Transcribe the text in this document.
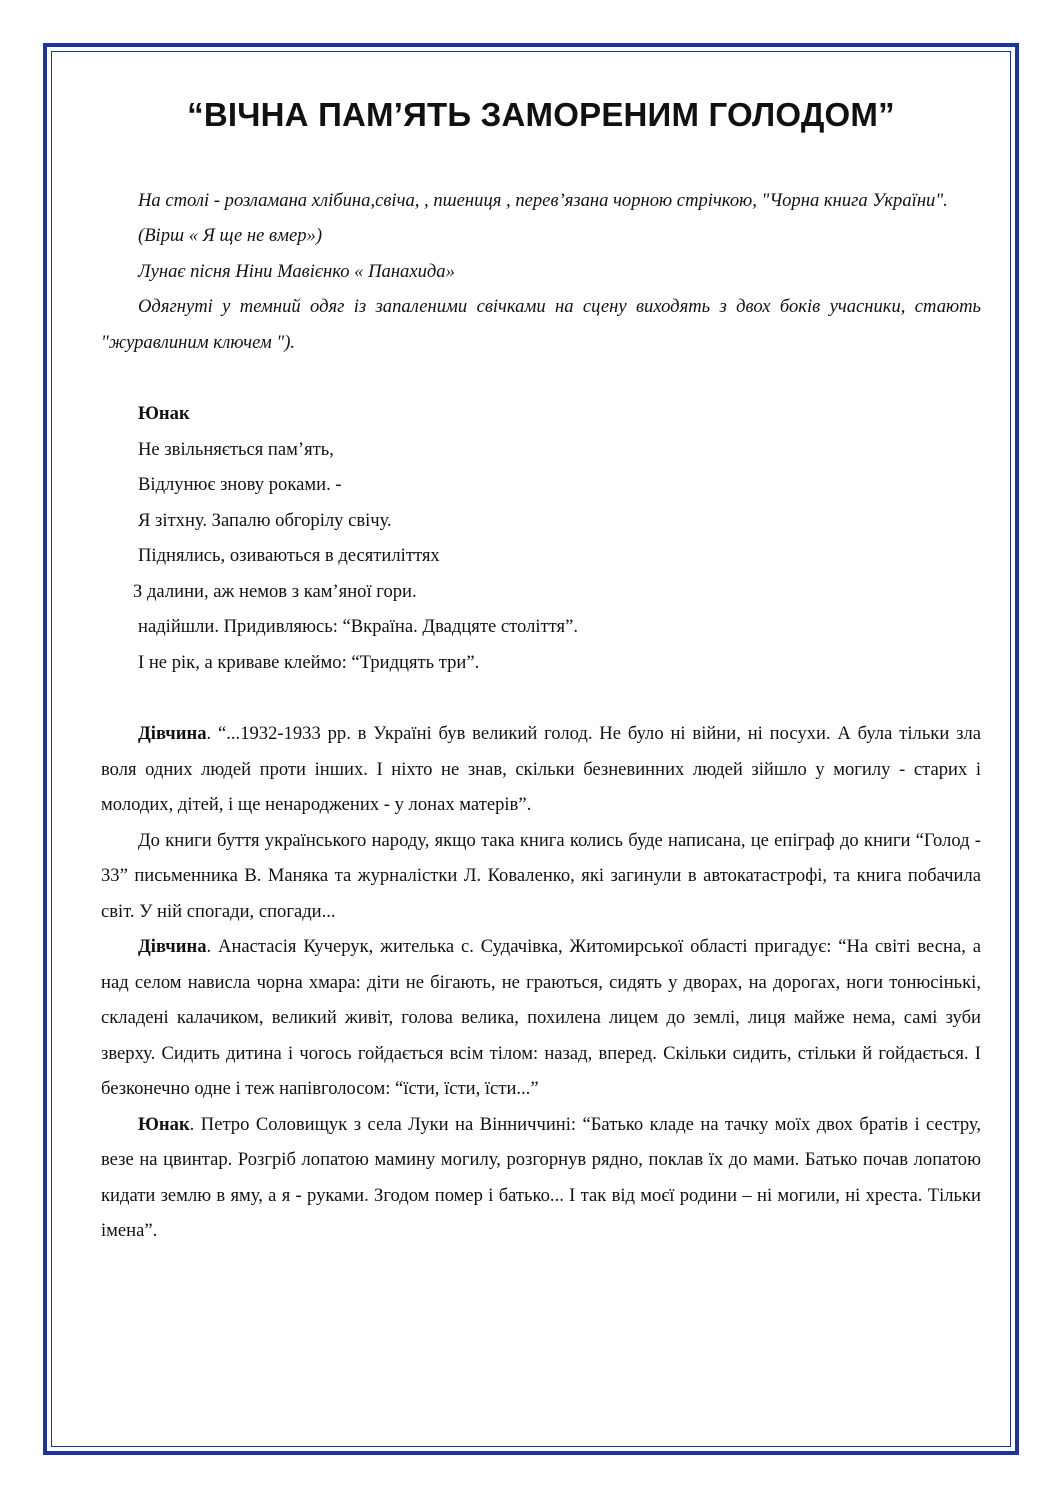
“ВІЧНА ПАМ’ЯТЬ ЗАМОРЕНИМ ГОЛОДОМ”

На столі - розламана хлібина,свіча, , пшениця , перев’язана чорною стрічкою, "Чорна книга України".

(Вірш « Я ще не вмер»)

Лунає пісня Ніни Мавієнко « Панахида»

Одягнуті у темний одяг із запаленими свічками на сцену виходять з двох боків учасники, стають "журавлиним ключем ").

Юнак

Не звільняється пам’ять,

Відлунює знову роками. -

Я зітхну. Запалю обгорілу свічу.

Піднялись, озиваються в десятиліттях

З далини, аж немов з кам’яної гори.

надійшли. Придивляюсь: “Вкраїна. Двадцяте століття”.

І не рік, а криваве клеймо: “Тридцять три”.

Дівчина. “...1932-1933 рр. в Україні був великий голод. Не було ні війни, ні посухи. А була тільки зла воля одних людей проти інших. І ніхто не знав, скільки безневинних людей зійшло у могилу - старих і молодих, дітей, і ще ненароджених - у лонах матерів”.

До книги буття українського народу, якщо така книга колись буде написана, це епіграф до книги “Голод - 33” письменника В. Маняка та журналістки Л. Коваленко, які загинули в автокатастрофі, та книга побачила світ. У ній спогади, спогади...

Дівчина. Анастасія Кучерук, жителька с. Судачівка, Житомирської області пригадує: “На світі весна, а над селом нависла чорна хмара: діти не бігають, не граються, сидять у дворах, на дорогах, ноги тонюсінькі, складені калачиком, великий живіт, голова велика, похилена лицем до землі, лиця майже нема, самі зуби зверху. Сидить дитина і чогось гойдається всім тілом: назад, вперед. Скільки сидить, стільки й гойдається. І безконечно одне і теж напівголосом: “їсти, їсти, їсти...”

Юнак. Петро Соловищук з села Луки на Вінниччині: “Батько кладе на тачку моїх двох братів і сестру, везе на цвинтар. Розгріб лопатою мамину могилу, розгорнув рядно, поклав їх до мами. Батько почав лопатою кидати землю в яму, а я - руками. Згодом помер і батько... І так від моєї родини – ні могили, ні хреста. Тільки імена”.
